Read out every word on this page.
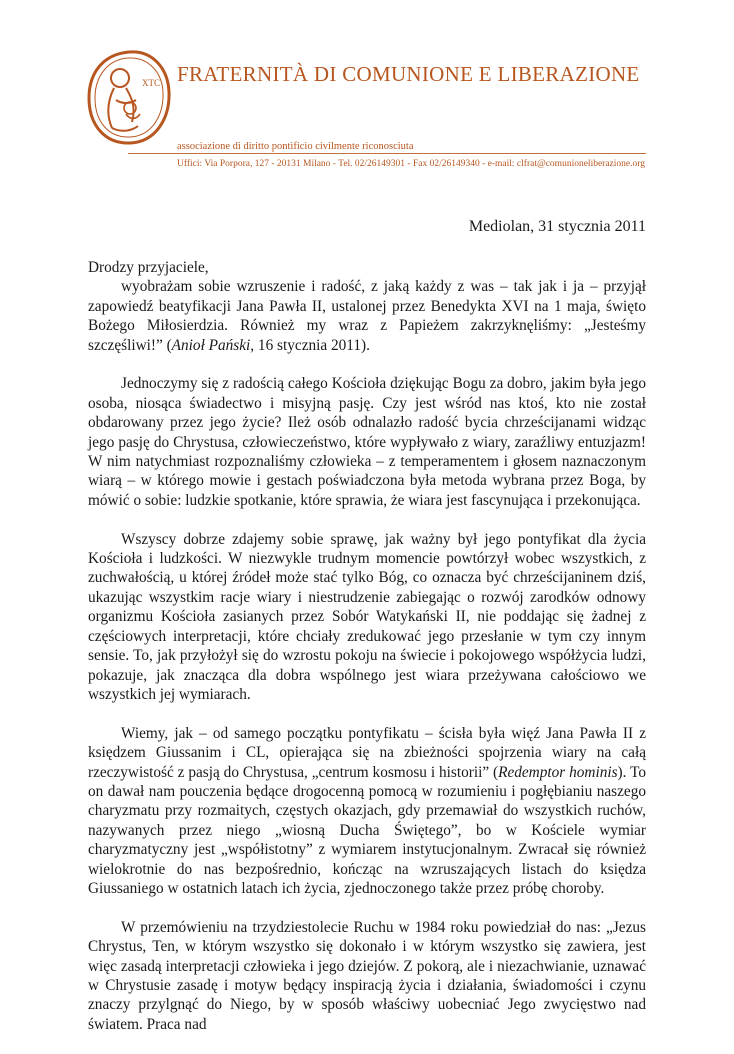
XTC FRATERNITÀ DI COMUNIONE E LIBERAZIONE
associazione di diritto pontificio civilmente riconosciuta
Uffici: Via Porpora, 127 - 20131 Milano - Tel. 02/26149301 - Fax 02/26149340 - e-mail: clfrat@comunioneliberazione.org
Mediolan, 31 stycznia 2011

Drodzy przyjaciele,

wyobrażam sobie wzruszenie i radość, z jaką każdy z was – tak jak i ja – przyjął zapowiedź beatyfikacji Jana Pawła II, ustalonej przez Benedykta XVI na 1 maja, święto Bożego Miłosierdzia. Również my wraz z Papieżem zakrzyknęliśmy: „Jesteśmy szczęśliwi!” (Anioł Pański, 16 stycznia 2011).

Jednoczymy się z radością całego Kościoła dziękując Bogu za dobro, jakim była jego osoba, niosąca świadectwo i misyjną pasję. Czy jest wśród nas ktoś, kto nie został obdarowany przez jego życie? Ileż osób odnalazło radość bycia chrześcijanami widząc jego pasję do Chrystusa, człowieczeństwo, które wypływało z wiary, zaraźliwy entuzjazm! W nim natychmiast rozpoznaliśmy człowieka – z temperamentem i głosem naznaczonym wiarą – w którego mowie i gestach poświadczona była metoda wybrana przez Boga, by mówić o sobie: ludzkie spotkanie, które sprawia, że wiara jest fascynująca i przekonująca.

Wszyscy dobrze zdajemy sobie sprawę, jak ważny był jego pontyfikat dla życia Kościoła i ludzkości. W niezwykle trudnym momencie powtórzył wobec wszystkich, z zuchwałością, u której źródeł może stać tylko Bóg, co oznacza być chrześcijaninem dziś, ukazując wszystkim racje wiary i niestrudzenie zabiegając o rozwój zarodków odnowy organizmu Kościoła zasianych przez Sobór Watykański II, nie poddając się żadnej z częściowych interpretacji, które chciały zredukować jego przesłanie w tym czy innym sensie. To, jak przyłożył się do wzrostu pokoju na świecie i pokojowego współżycia ludzi, pokazuje, jak znacząca dla dobra wspólnego jest wiara przeżywana całościowo we wszystkich jej wymiarach.

Wiemy, jak – od samego początku pontyfikatu – ścisła była więź Jana Pawła II z księdzem Giussanim i CL, opierająca się na zbieżności spojrzenia wiary na całą rzeczywistość z pasją do Chrystusa, „centrum kosmosu i historii” (Redemptor hominis). To on dawał nam pouczenia będące drogocenną pomocą w rozumieniu i pogłębianiu naszego charyzmatu przy rozmaitych, częstych okazjach, gdy przemawiał do wszystkich ruchów, nazywanych przez niego „wiosną Ducha Świętego”, bo w Kościele wymiar charyzmatyczny jest „współistotny” z wymiarem instytucjonalnym. Zwracał się również wielokrotnie do nas bezpośrednio, kończąc na wzruszających listach do księdza Giussaniego w ostatnich latach ich życia, zjednoczonego także przez próbę choroby.

W przemówieniu na trzydziestolecie Ruchu w 1984 roku powiedział do nas: „Jezus Chrystus, Ten, w którym wszystko się dokonało i w którym wszystko się zawiera, jest więc zasadą interpretacji człowieka i jego dziejów. Z pokorą, ale i niezachwianie, uznawać w Chrystusie zasadę i motyw będący inspiracją życia i działania, świadomości i czynu znaczy przylgnąć do Niego, by w sposób właściwy uobecniać Jego zwycięstwo nad światem. Praca nad
